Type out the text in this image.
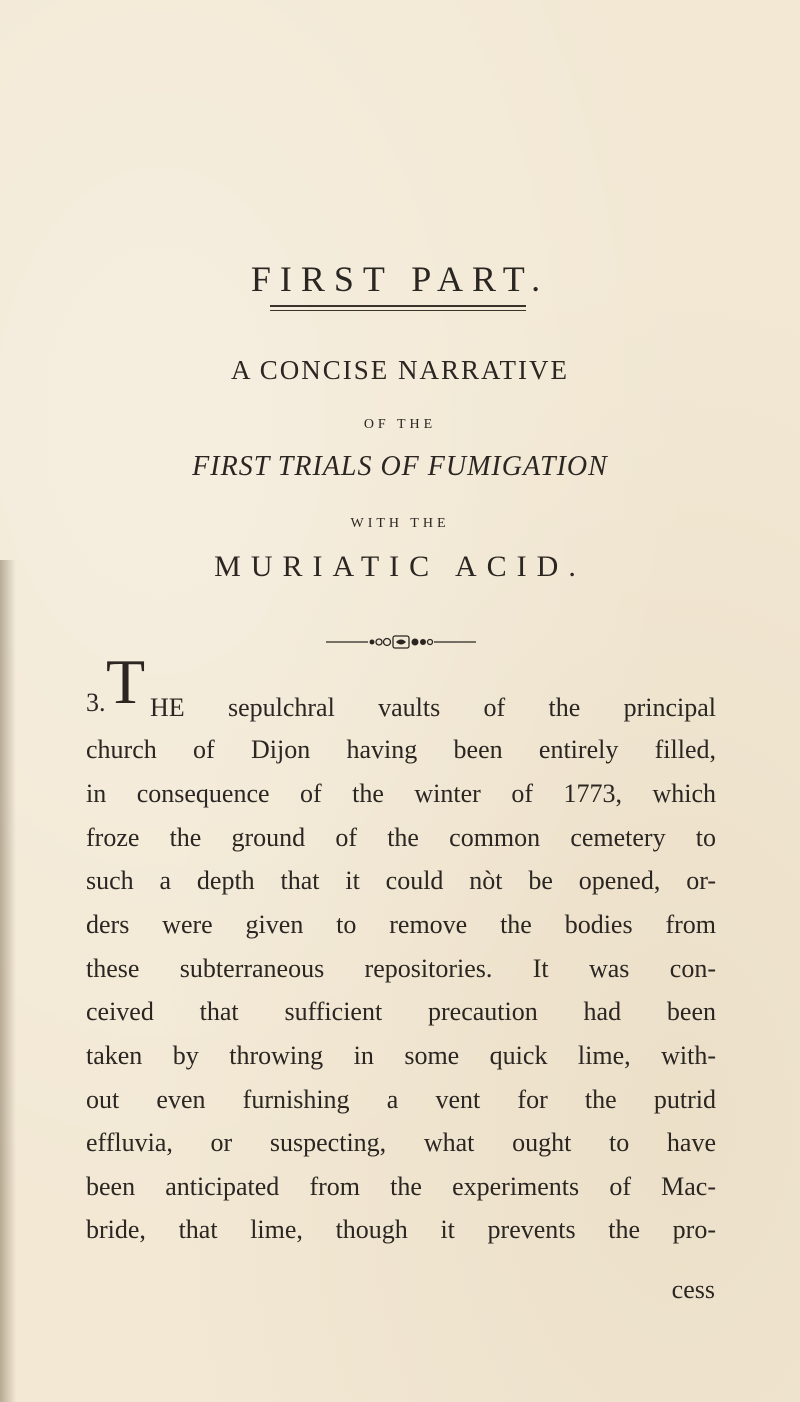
FIRST PART.
A CONCISE NARRATIVE
OF THE
FIRST TRIALS OF FUMIGATION
WITH THE
MURIATIC ACID.
3. T HE sepulchral vaults of the principal
church of Dijon having been entirely filled,
in consequence of the winter of 1773, which
froze the ground of the common cemetery to
such a depth that it could nòt be opened, or-
ders were given to remove the bodies from
these subterraneous repositories. It was con-
ceived that sufficient precaution had been
taken by throwing in some quick lime, with-
out even furnishing a vent for the putrid
effluvia, or suspecting, what ought to have
been anticipated from the experiments of Mac-
bride, that lime, though it prevents the pro-
cess
